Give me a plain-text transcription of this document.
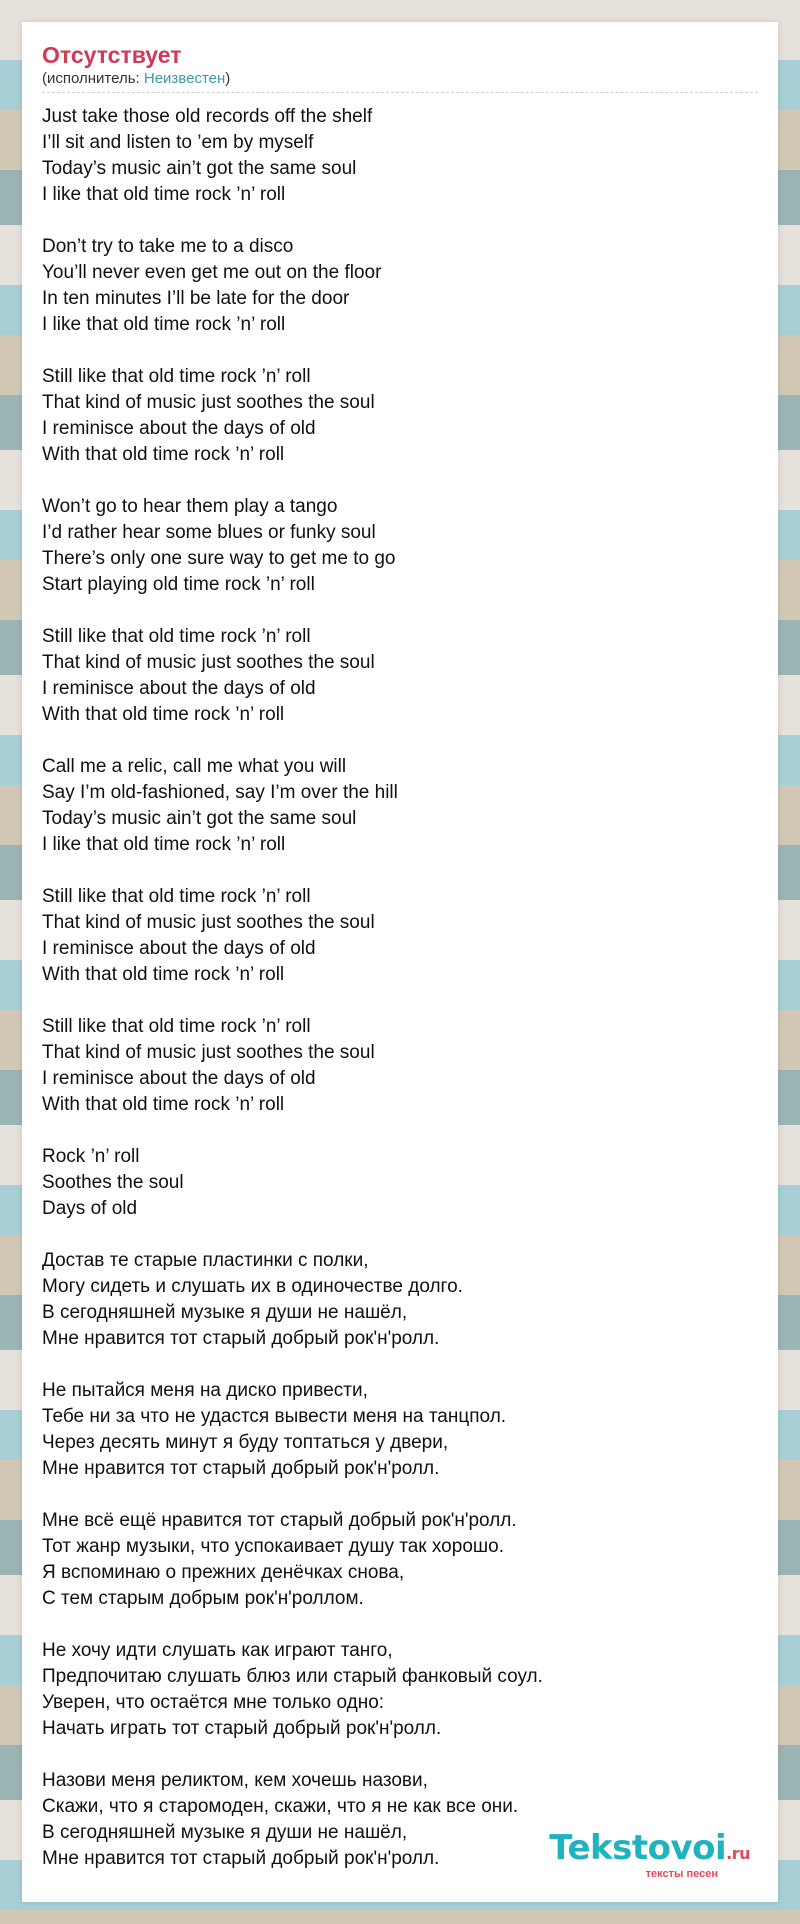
Отсутствует
(исполнитель: Неизвестен)
Just take those old records off the shelf
I’ll sit and listen to ’em by myself
Today’s music ain’t got the same soul
I like that old time rock ’n’ roll
Don’t try to take me to a disco
You’ll never even get me out on the floor
In ten minutes I’ll be late for the door
I like that old time rock ’n’ roll
Still like that old time rock ’n’ roll
That kind of music just soothes the soul
I reminisce about the days of old
With that old time rock ’n’ roll
Won’t go to hear them play a tango
I’d rather hear some blues or funky soul
There’s only one sure way to get me to go
Start playing old time rock ’n’ roll
Still like that old time rock ’n’ roll
That kind of music just soothes the soul
I reminisce about the days of old
With that old time rock ’n’ roll
Call me a relic, call me what you will
Say I’m old-fashioned, say I’m over the hill
Today’s music ain’t got the same soul
I like that old time rock ’n’ roll
Still like that old time rock ’n’ roll
That kind of music just soothes the soul
I reminisce about the days of old
With that old time rock ’n’ roll
Still like that old time rock ’n’ roll
That kind of music just soothes the soul
I reminisce about the days of old
With that old time rock ’n’ roll
Rock ’n’ roll
Soothes the soul
Days of old
Достав те старые пластинки с полки,
Могу сидеть и слушать их в одиночестве долго.
В сегодняшней музыке я души не нашёл,
Мне нравится тот старый добрый рок'н'ролл.
Не пытайся меня на диско привести,
Тебе ни за что не удастся вывести меня на танцпол.
Через десять минут я буду топтаться у двери,
Мне нравится тот старый добрый рок'н'ролл.
Мне всё ещё нравится тот старый добрый рок'н'ролл.
Тот жанр музыки, что успокаивает душу так хорошо.
Я вспоминаю о прежних денёчках снова,
С тем старым добрым рок'н'роллом.
Не хочу идти слушать как играют танго,
Предпочитаю слушать блюз или старый фанковый соул.
Уверен, что остаётся мне только одно:
Начать играть тот старый добрый рок'н'ролл.
Назови меня реликтом, кем хочешь назови,
Скажи, что я старомоден, скажи, что я не как все они.
В сегодняшней музыке я души не нашёл,
Мне нравится тот старый добрый рок'н'ролл.	Tekstovoi.ru
тексты песен
